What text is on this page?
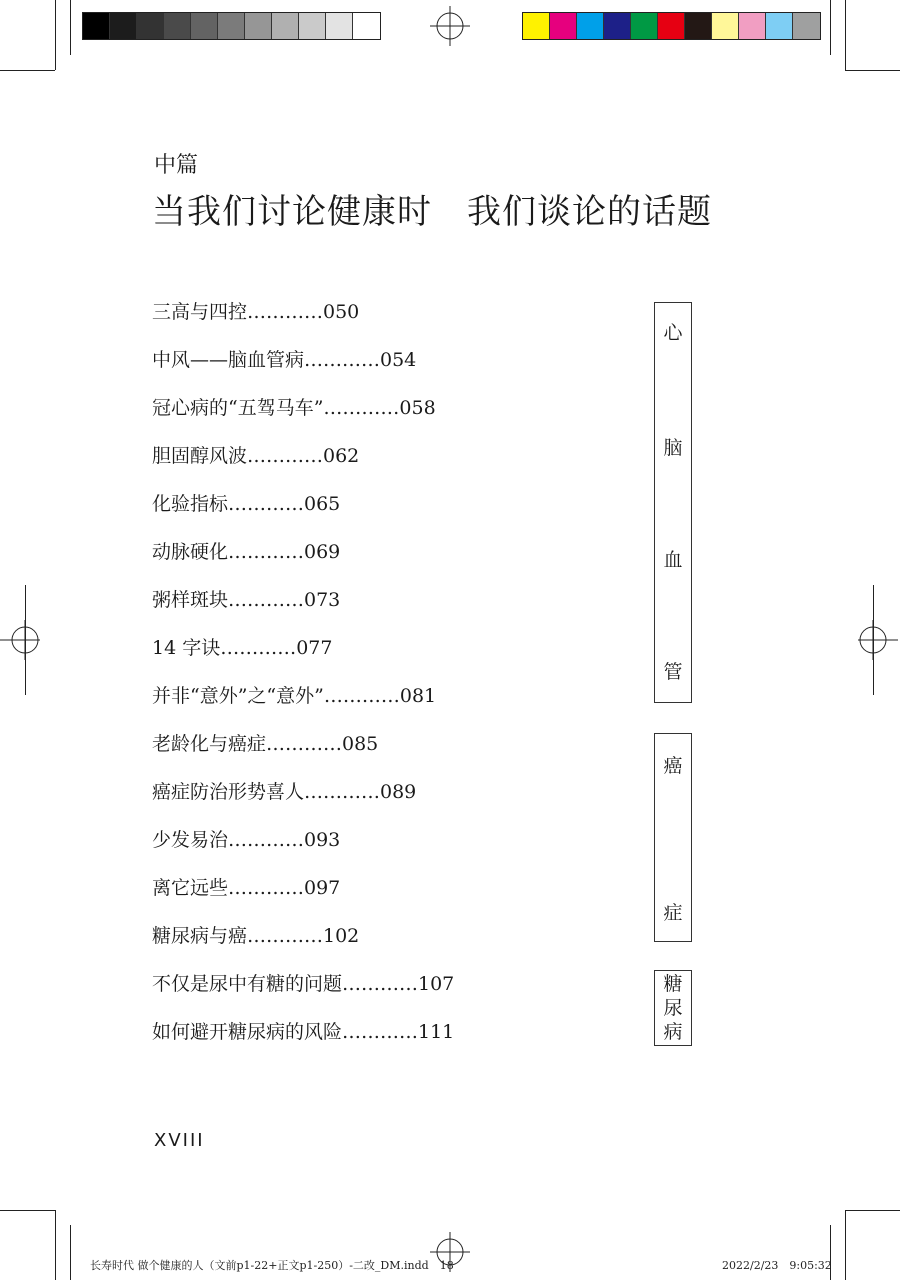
中篇
当我们讨论健康时　我们谈论的话题
三高与四控…………050
中风——脑血管病…………054
冠心病的“五驾马车”…………058
胆固醇风波…………062
化验指标…………065
动脉硬化…………069
粥样斑块…………073
14 字诀…………077
并非“意外”之“意外”…………081
老龄化与癌症…………085
癌症防治形势喜人…………089
少发易治…………093
离它远些…………097
糖尿病与癌…………102
不仅是尿中有糖的问题…………107
如何避开糖尿病的风险…………111
心
脑
血
管
癌
症
糖
尿
病
XVIII
长寿时代 做个健康的人（文前p1-22+正文p1-250）-二改_DM.indd　18	2022/2/23　9:05:32
